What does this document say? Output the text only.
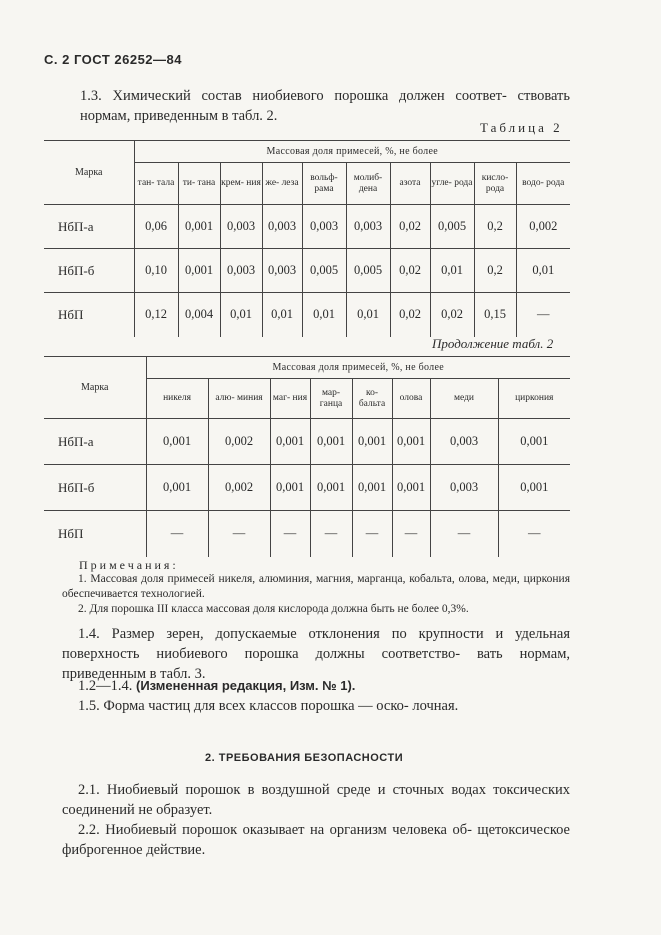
С. 2 ГОСТ 26252—84
1.3. Химический состав ниобиевого порошка должен соответ- ствовать нормам, приведенным в табл. 2.
Таблица 2
Марка	Массовая доля примесей, %, не более									
	тан- тала	ти- тана	крем- ния	же- леза	вольф- рама	молиб- дена	азота	угле- рода	кисло- рода	водо- рода
НбП-а	0,06	0,001	0,003	0,003	0,003	0,003	0,02	0,005	0,2	0,002
НбП-б	0,10	0,001	0,003	0,003	0,005	0,005	0,02	0,01	0,2	0,01
НбП	0,12	0,004	0,01	0,01	0,01	0,01	0,02	0,02	0,15	—
Продолжение табл. 2
Марка	Массовая доля примесей, %, не более							
	никеля	алю- миния	маг- ния	мар- ганца	ко- бальта	олова	меди	циркония
НбП-а	0,001	0,002	0,001	0,001	0,001	0,001	0,003	0,001
НбП-б	0,001	0,002	0,001	0,001	0,001	0,001	0,003	0,001
НбП	—	—	—	—	—	—	—	—
Примечания:
1. Массовая доля примесей никеля, алюминия, магния, марганца, кобальта, олова, меди, циркония обеспечивается технологией.
2. Для порошка III класса массовая доля кислорода должна быть не более 0,3%.
1.4. Размер зерен, допускаемые отклонения по крупности и удельная поверхность ниобиевого порошка должны соответство- вать нормам, приведенным в табл. 3.
1.2—1.4. (Измененная редакция, Изм. № 1).
1.5. Форма частиц для всех классов порошка — оско- лочная.
2. ТРЕБОВАНИЯ БЕЗОПАСНОСТИ
2.1. Ниобиевый порошок в воздушной среде и сточных водах токсических соединений не образует.
2.2. Ниобиевый порошок оказывает на организм человека об- щетоксическое фиброгенное действие.
